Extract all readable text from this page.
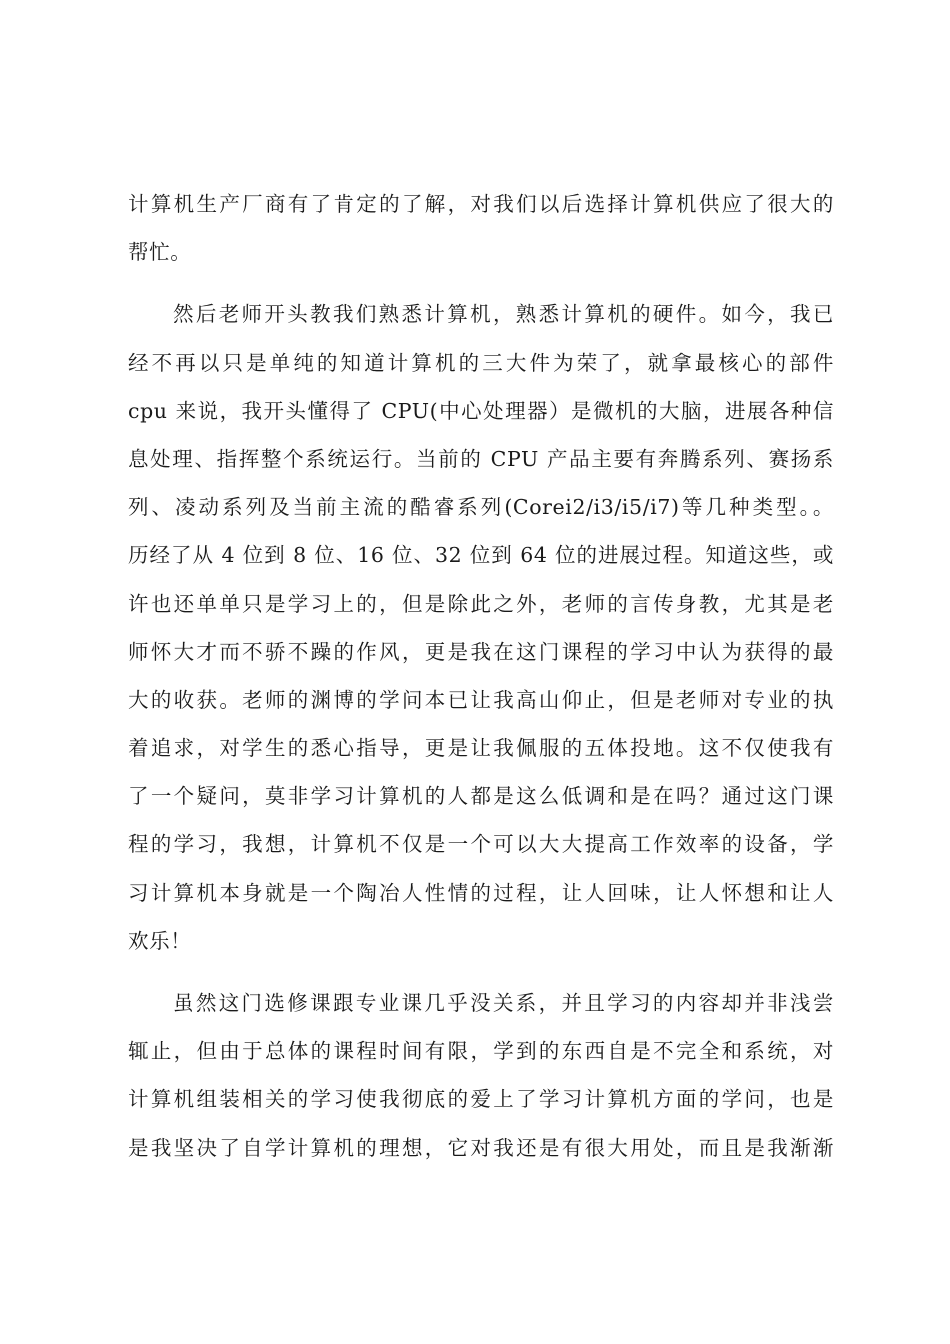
计算机生产厂商有了肯定的了解，对我们以后选择计算机供应了很大的
帮忙。
然后老师开头教我们熟悉计算机，熟悉计算机的硬件。如今，我已
经不再以只是单纯的知道计算机的三大件为荣了，就拿最核心的部件
cpu 来说，我开头懂得了 CPU(中心处理器）是微机的大脑，进展各种信
息处理、指挥整个系统运行。当前的 CPU 产品主要有奔腾系列、赛扬系
列、凌动系列及当前主流的酷睿系列(Corei2/i3/i5/i7)等几种类型。。
历经了从 4 位到 8 位、16 位、32 位到 64 位的进展过程。知道这些，或
许也还单单只是学习上的，但是除此之外，老师的言传身教，尤其是老
师怀大才而不骄不躁的作风，更是我在这门课程的学习中认为获得的最
大的收获。老师的渊博的学问本已让我高山仰止，但是老师对专业的执
着追求，对学生的悉心指导，更是让我佩服的五体投地。这不仅使我有
了一个疑问，莫非学习计算机的人都是这么低调和是在吗？通过这门课
程的学习，我想，计算机不仅是一个可以大大提高工作效率的设备，学
习计算机本身就是一个陶冶人性情的过程，让人回味，让人怀想和让人
欢乐！
虽然这门选修课跟专业课几乎没关系，并且学习的内容却并非浅尝
辄止，但由于总体的课程时间有限，学到的东西自是不完全和系统，对
计算机组装相关的学习使我彻底的爱上了学习计算机方面的学问，也是
是我坚决了自学计算机的理想，它对我还是有很大用处，而且是我渐渐
